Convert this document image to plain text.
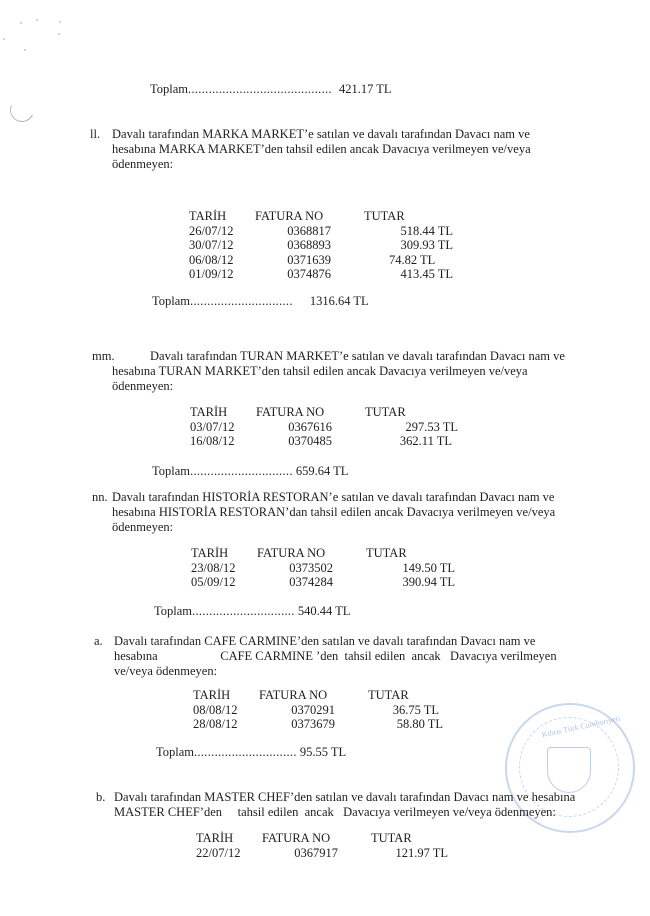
Toplam.......................................... 421.17 TL
ll. Davalı tarafından MARKA MARKET’e satılan ve davalı tarafından Davacı nam ve
hesabına MARKA MARKET’den tahsil edilen ancak Davacıya verilmeyen ve/veya
ödenmeyen:
TARİH FATURA NO	TUTAR
26/07/12	0368817	518.44 TL
30/07/12	0368893	309.93 TL
06/08/12	0371639	74.82 TL
01/09/12	0374876	413.45 TL
Toplam.............................. 1316.64 TL
mm.	Davalı tarafından TURAN MARKET’e satılan ve davalı tarafından Davacı nam ve
hesabına TURAN MARKET’den tahsil edilen ancak Davacıya verilmeyen ve/veya
ödenmeyen:
TARİH FATURA NO	TUTAR
03/07/12	0367616	297.53 TL
16/08/12	0370485	362.11 TL
Toplam.............................. 659.64 TL
nn. Davalı tarafından HISTORİA RESTORAN’e satılan ve davalı tarafından Davacı nam ve
hesabına HISTORİA RESTORAN’dan tahsil edilen ancak Davacıya verilmeyen ve/veya
ödenmeyen:
TARİH FATURA NO	TUTAR
23/08/12	0373502	149.50 TL
05/09/12	0374284	390.94 TL
Toplam.............................. 540.44 TL
a. Davalı tarafından CAFE CARMINE’den satılan ve davalı tarafından Davacı nam ve
hesabına                    CAFE CARMINE ’den  tahsil edilen  ancak   Davacıya verilmeyen
ve/veya ödenmeyen:
TARİH FATURA NO	TUTAR
08/08/12	0370291	36.75 TL
28/08/12	0373679	58.80 TL
Toplam.............................. 95.55 TL
Kıbrıs Türk Cumhuriyeti
b. Davalı tarafından MASTER CHEF’den satılan ve davalı tarafından Davacı nam ve hesabına
MASTER CHEF’den     tahsil edilen  ancak   Davacıya verilmeyen ve/veya ödenmeyen:
TARİH FATURA NO	TUTAR
22/07/12	0367917	121.97 TL
